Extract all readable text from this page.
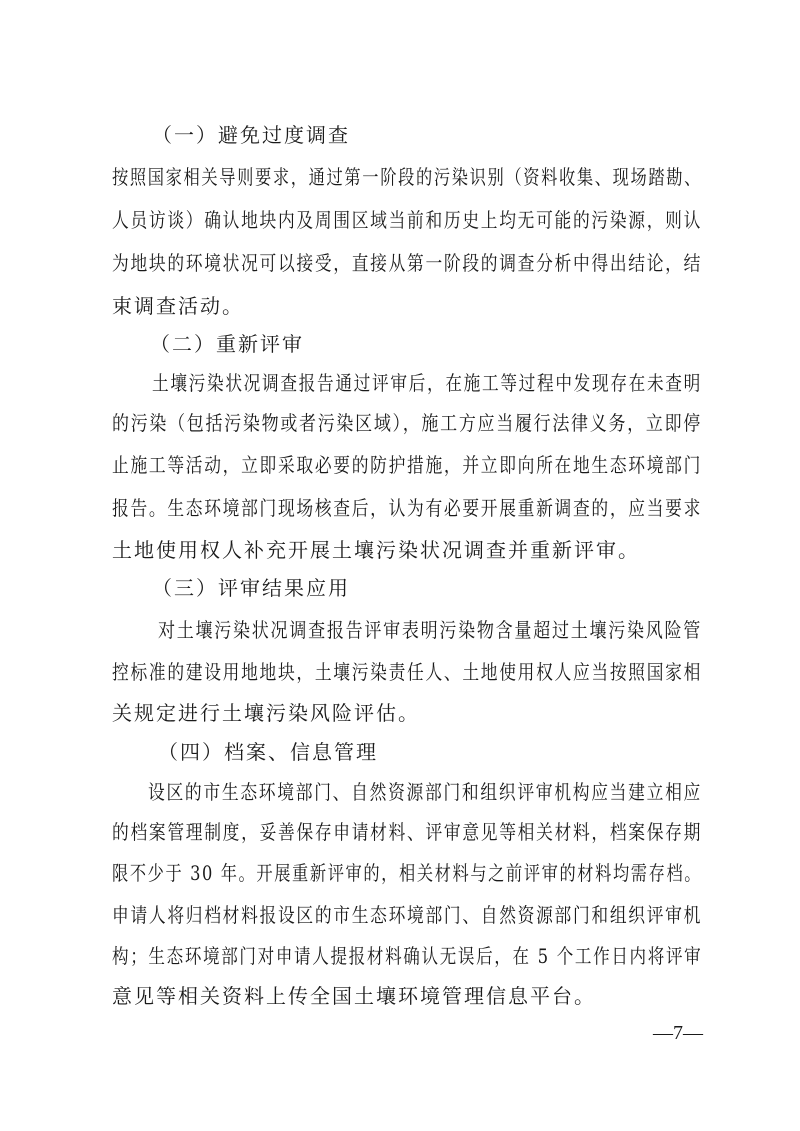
（一）避免过度调查
按照国家相关导则要求，通过第一阶段的污染识别（资料收集、现场踏勘、
人员访谈）确认地块内及周围区域当前和历史上均无可能的污染源，则认
为地块的环境状况可以接受，直接从第一阶段的调查分析中得出结论，结
束调查活动。
（二）重新评审
土壤污染状况调查报告通过评审后，在施工等过程中发现存在未查明
的污染（包括污染物或者污染区域），施工方应当履行法律义务，立即停
止施工等活动，立即采取必要的防护措施，并立即向所在地生态环境部门
报告。生态环境部门现场核查后，认为有必要开展重新调查的，应当要求
土地使用权人补充开展土壤污染状况调查并重新评审。
（三）评审结果应用
对土壤污染状况调查报告评审表明污染物含量超过土壤污染风险管
控标准的建设用地地块，土壤污染责任人、土地使用权人应当按照国家相
关规定进行土壤污染风险评估。
（四）档案、信息管理
设区的市生态环境部门、自然资源部门和组织评审机构应当建立相应
的档案管理制度，妥善保存申请材料、评审意见等相关材料，档案保存期
限不少于 30 年。开展重新评审的，相关材料与之前评审的材料均需存档。
申请人将归档材料报设区的市生态环境部门、自然资源部门和组织评审机
构；生态环境部门对申请人提报材料确认无误后，在 5 个工作日内将评审
意见等相关资料上传全国土壤环境管理信息平台。
—7—
